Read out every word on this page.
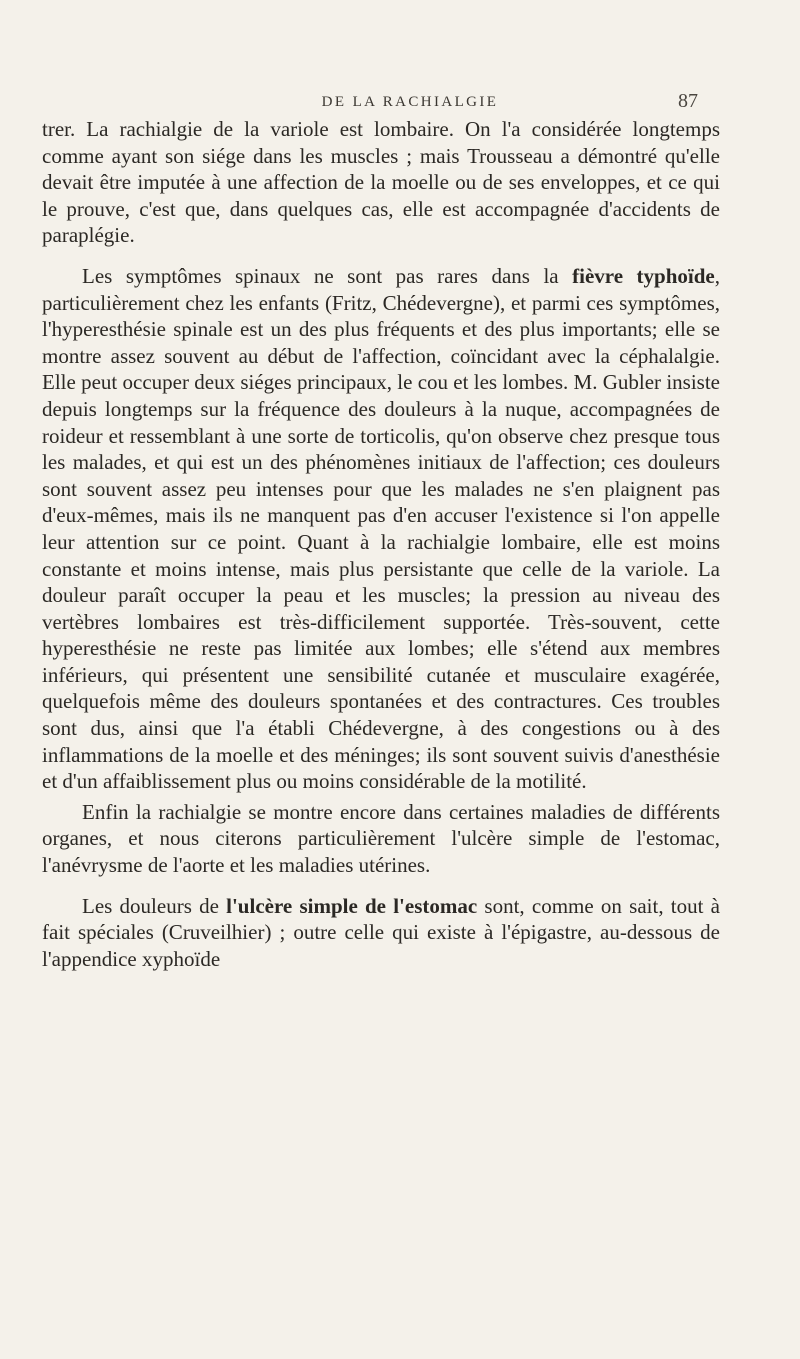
DE LA RACHIALGIE	87

trer. La rachialgie de la variole est lombaire. On l'a considérée longtemps comme ayant son siége dans les muscles ; mais Trousseau a démontré qu'elle devait être imputée à une affection de la moelle ou de ses enveloppes, et ce qui le prouve, c'est que, dans quelques cas, elle est accompagnée d'accidents de paraplégie.

Les symptômes spinaux ne sont pas rares dans la fièvre typhoïde, particulièrement chez les enfants (Fritz, Chédevergne), et parmi ces symptômes, l'hyperesthésie spinale est un des plus fréquents et des plus importants; elle se montre assez souvent au début de l'affection, coïncidant avec la céphalalgie. Elle peut occuper deux siéges principaux, le cou et les lombes. M. Gubler insiste depuis longtemps sur la fréquence des douleurs à la nuque, accompagnées de roideur et ressemblant à une sorte de torticolis, qu'on observe chez presque tous les malades, et qui est un des phénomènes initiaux de l'affection; ces douleurs sont souvent assez peu intenses pour que les malades ne s'en plaignent pas d'eux-mêmes, mais ils ne manquent pas d'en accuser l'existence si l'on appelle leur attention sur ce point. Quant à la rachialgie lombaire, elle est moins constante et moins intense, mais plus persistante que celle de la variole. La douleur paraît occuper la peau et les muscles; la pression au niveau des vertèbres lombaires est très-difficilement supportée. Très-souvent, cette hyperesthésie ne reste pas limitée aux lombes; elle s'étend aux membres inférieurs, qui présentent une sensibilité cutanée et musculaire exagérée, quelquefois même des douleurs spontanées et des contractures. Ces troubles sont dus, ainsi que l'a établi Chédevergne, à des congestions ou à des inflammations de la moelle et des méninges; ils sont souvent suivis d'anesthésie et d'un affaiblissement plus ou moins considérable de la motilité.

Enfin la rachialgie se montre encore dans certaines maladies de différents organes, et nous citerons particulièrement l'ulcère simple de l'estomac, l'anévrysme de l'aorte et les maladies utérines.

Les douleurs de l'ulcère simple de l'estomac sont, comme on sait, tout à fait spéciales (Cruveilhier) ; outre celle qui existe à l'épigastre, au-dessous de l'appendice xyphoïde
